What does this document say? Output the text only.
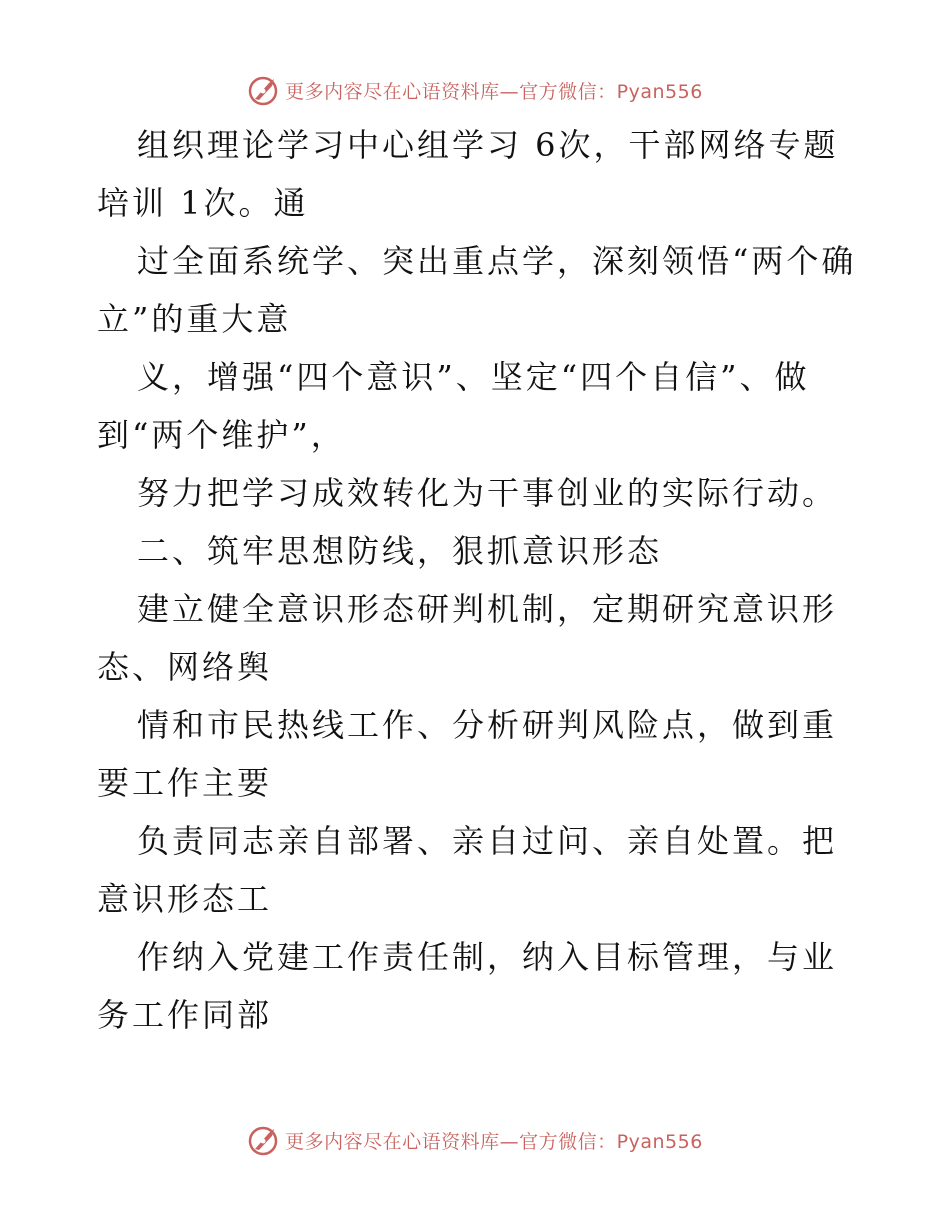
更多内容尽在心语资料库—官方微信：Pyan556

组织理论学习中心组学习 6次，干部网络专题培训 1次。通

过全面系统学、突出重点学，深刻领悟“两个确立”的重大意

义，增强“四个意识”、坚定“四个自信”、做到“两个维护”，

努力把学习成效转化为干事创业的实际行动。

二、筑牢思想防线，狠抓意识形态

建立健全意识形态研判机制，定期研究意识形态、网络舆

情和市民热线工作、分析研判风险点，做到重要工作主要

负责同志亲自部署、亲自过问、亲自处置。把意识形态工

作纳入党建工作责任制，纳入目标管理，与业务工作同部

更多内容尽在心语资料库—官方微信：Pyan556
